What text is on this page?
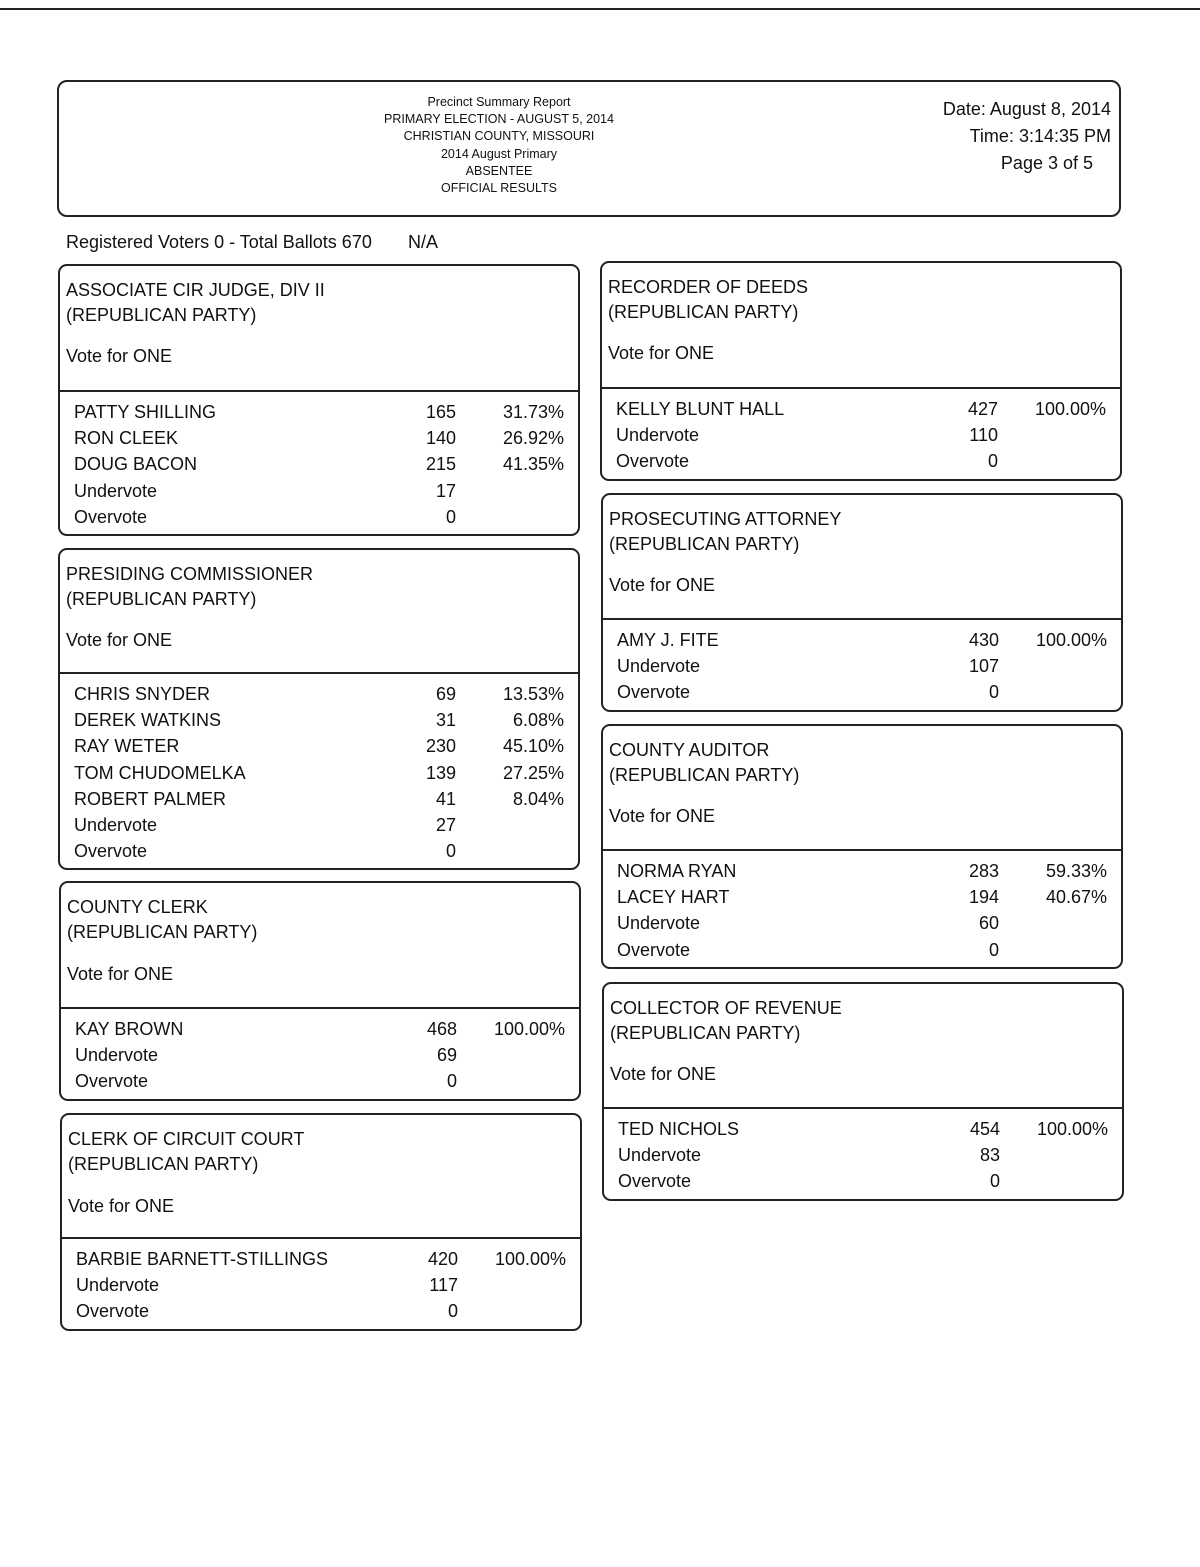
Precinct Summary Report
PRIMARY ELECTION - AUGUST 5, 2014
CHRISTIAN COUNTY, MISSOURI
2014 August Primary
ABSENTEE
OFFICIAL RESULTS
Date: August 8, 2014
Time: 3:14:35 PM
Page 3 of 5
Registered Voters 0 - Total Ballots 670 N/A
ASSOCIATE CIR JUDGE, DIV II
(REPUBLICAN PARTY)
Vote for ONE
PATTY SHILLING	165	31.73%
RON CLEEK	140	26.92%
DOUG BACON	215	41.35%
Undervote	17
Overvote	0
PRESIDING COMMISSIONER
(REPUBLICAN PARTY)
Vote for ONE
CHRIS SNYDER	69	13.53%
DEREK WATKINS	31	6.08%
RAY WETER	230	45.10%
TOM CHUDOMELKA	139	27.25%
ROBERT PALMER	41	8.04%
Undervote	27
Overvote	0
COUNTY CLERK
(REPUBLICAN PARTY)
Vote for ONE
KAY BROWN	468 100.00%
Undervote	69
Overvote	0
CLERK OF CIRCUIT COURT
(REPUBLICAN PARTY)
Vote for ONE
BARBIE BARNETT-STILLINGS	420 100.00%
Undervote	117
Overvote	0
RECORDER OF DEEDS
(REPUBLICAN PARTY)
Vote for ONE
KELLY BLUNT HALL	427 100.00%
Undervote	110
Overvote	0
PROSECUTING ATTORNEY
(REPUBLICAN PARTY)
Vote for ONE
AMY J. FITE	430 100.00%
Undervote	107
Overvote	0
COUNTY AUDITOR
(REPUBLICAN PARTY)
Vote for ONE
NORMA RYAN	283	59.33%
LACEY HART	194	40.67%
Undervote	60
Overvote	0
COLLECTOR OF REVENUE
(REPUBLICAN PARTY)
Vote for ONE
TED NICHOLS	454 100.00%
Undervote	83
Overvote	0
